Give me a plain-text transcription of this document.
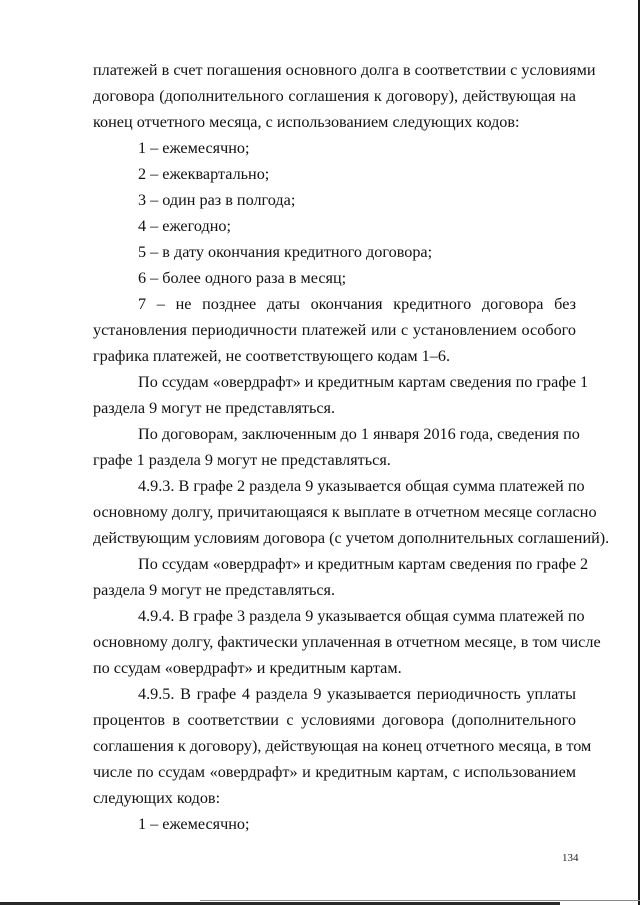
платежей в счет погашения основного долга в соответствии с условиями
договора (дополнительного соглашения к договору), действующая на
конец отчетного месяца, с использованием следующих кодов:
1 – ежемесячно;
2 – ежеквартально;
3 – один раз в полгода;
4 – ежегодно;
5 – в дату окончания кредитного договора;
6 – более одного раза в месяц;
7 – не позднее даты окончания кредитного договора без
установления периодичности платежей или с установлением особого
графика платежей, не соответствующего кодам 1–6.
По ссудам «овердрафт» и кредитным картам сведения по графе 1
раздела 9 могут не представляться.
По договорам, заключенным до 1 января 2016 года, сведения по
графе 1 раздела 9 могут не представляться.
4.9.3. В графе 2 раздела 9 указывается общая сумма платежей по
основному долгу, причитающаяся к выплате в отчетном месяце согласно
действующим условиям договора (с учетом дополнительных соглашений).
По ссудам «овердрафт» и кредитным картам сведения по графе 2
раздела 9 могут не представляться.
4.9.4. В графе 3 раздела 9 указывается общая сумма платежей по
основному долгу, фактически уплаченная в отчетном месяце, в том числе
по ссудам «овердрафт» и кредитным картам.
4.9.5. В графе 4 раздела 9 указывается периодичность уплаты
процентов в соответствии с условиями договора (дополнительного
соглашения к договору), действующая на конец отчетного месяца, в том
числе по ссудам «овердрафт» и кредитным картам, с использованием
следующих кодов:
1 – ежемесячно;
134
